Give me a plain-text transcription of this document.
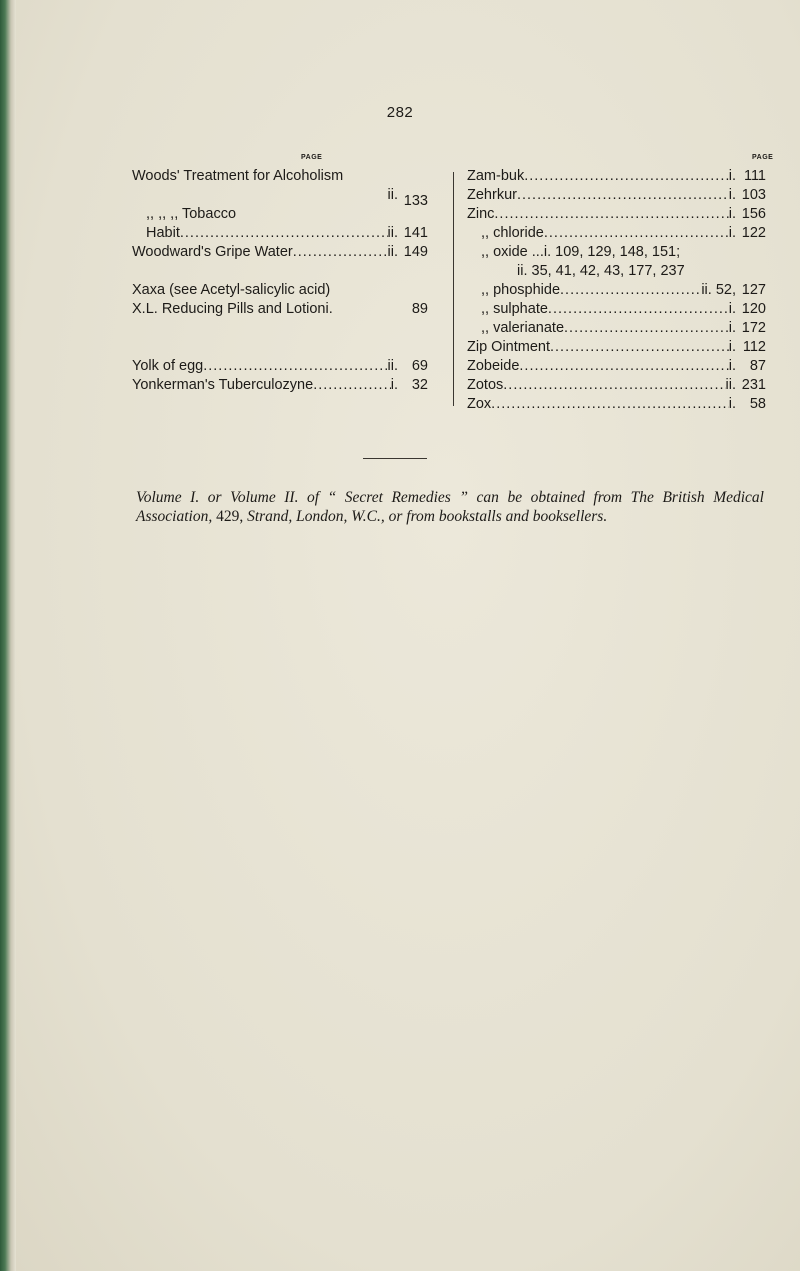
282
PAGE	PAGE
Woods' Treatment for Alcoholism
ii. 133
,, ,, ,, Tobacco
Habit .....	ii. 141
Woodward's Gripe Water .....	ii. 149
Xaxa (see Acetyl-salicylic acid)
X.L. Reducing Pills and Lotion i.	89
Yolk of egg .....	ii. 69
Yonkerman's Tuberculozyne .....	i. 32
Zam-buk .....	i. 111
Zehrkur .....	i. 103
Zinc .....	i. 156
,, chloride .....	i. 122
,, oxide ...i. 109, 129, 148, 151;
ii. 35, 41, 42, 43, 177, 237
,, phosphide .....	ii. 52, 127
,, sulphate .....	i. 120
,, valerianate .....	i. 172
Zip Ointment .....	i. 112
Zobeide .....	i. 87
Zotos .....	ii. 231
Zox .....	i. 58
Volume I. or Volume II. of “ Secret Remedies ” can be obtained from The British Medical Association, 429, Strand, London, W.C., or from bookstalls and booksellers.
